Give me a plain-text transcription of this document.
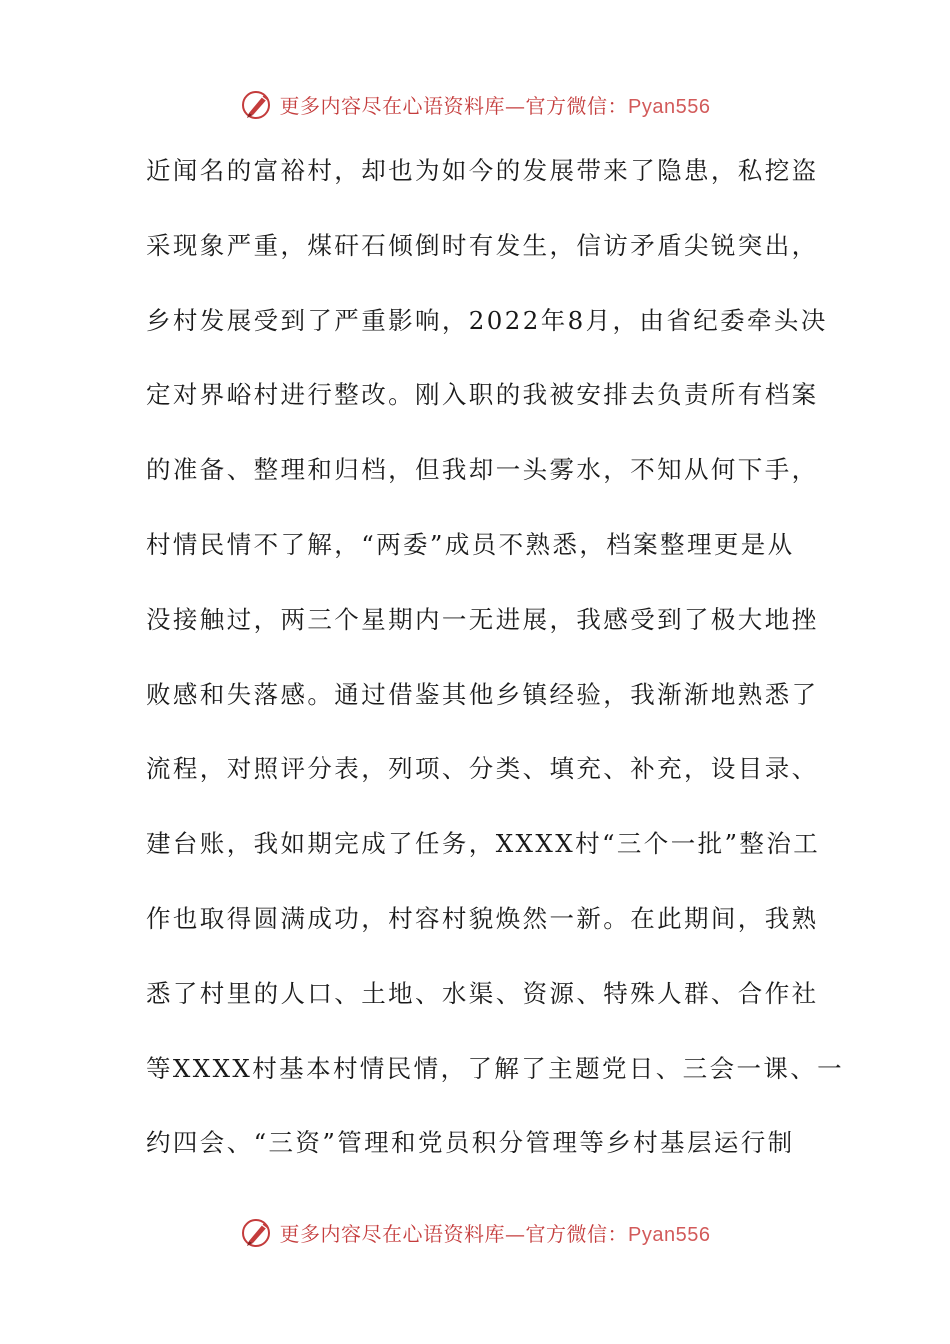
更多内容尽在心语资料库—官方微信：Pyan556
近闻名的富裕村，却也为如今的发展带来了隐患，私挖盗
采现象严重，煤矸石倾倒时有发生，信访矛盾尖锐突出，
乡村发展受到了严重影响，2022年8月，由省纪委牵头决
定对界峪村进行整改。刚入职的我被安排去负责所有档案
的准备、整理和归档，但我却一头雾水，不知从何下手，
村情民情不了解，“两委”成员不熟悉，档案整理更是从
没接触过，两三个星期内一无进展，我感受到了极大地挫
败感和失落感。通过借鉴其他乡镇经验，我渐渐地熟悉了
流程，对照评分表，列项、分类、填充、补充，设目录、
建台账，我如期完成了任务，XXXX村“三个一批”整治工
作也取得圆满成功，村容村貌焕然一新。在此期间，我熟
悉了村里的人口、土地、水渠、资源、特殊人群、合作社
等XXXX村基本村情民情，了解了主题党日、三会一课、一
约四会、“三资”管理和党员积分管理等乡村基层运行制
更多内容尽在心语资料库—官方微信：Pyan556
